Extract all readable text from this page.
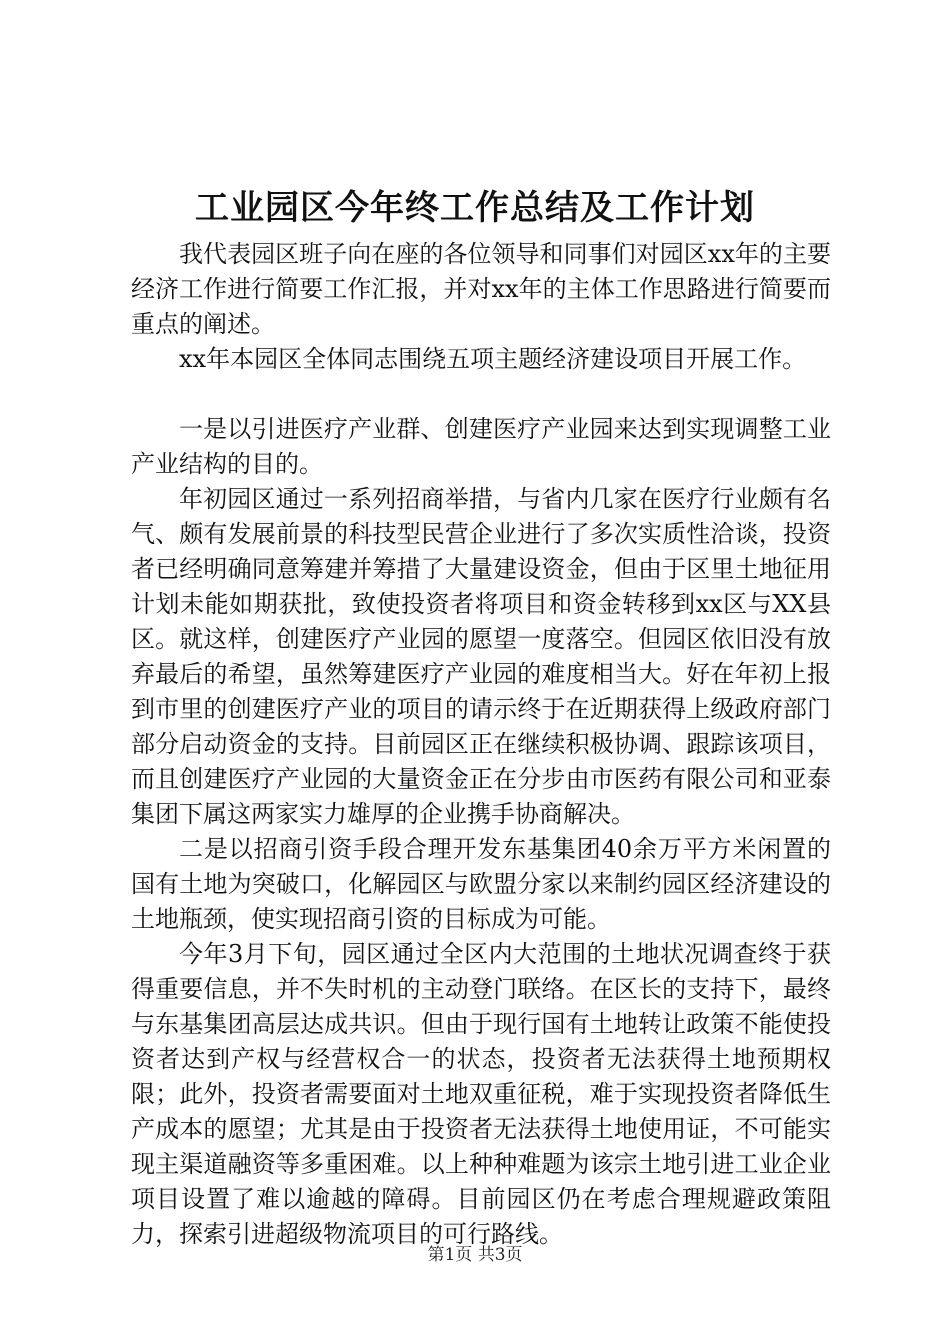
工业园区今年终工作总结及工作计划

我代表园区班子向在座的各位领导和同事们对园区xx年的主要经济工作进行简要工作汇报，并对xx年的主体工作思路进行简要而重点的阐述。

xx年本园区全体同志围绕五项主题经济建设项目开展工作。

一是以引进医疗产业群、创建医疗产业园来达到实现调整工业产业结构的目的。

年初园区通过一系列招商举措，与省内几家在医疗行业颇有名气、颇有发展前景的科技型民营企业进行了多次实质性洽谈，投资者已经明确同意筹建并筹措了大量建设资金，但由于区里土地征用计划未能如期获批，致使投资者将项目和资金转移到xx区与XX县区。就这样，创建医疗产业园的愿望一度落空。但园区依旧没有放弃最后的希望，虽然筹建医疗产业园的难度相当大。好在年初上报到市里的创建医疗产业的项目的请示终于在近期获得上级政府部门部分启动资金的支持。目前园区正在继续积极协调、跟踪该项目，而且创建医疗产业园的大量资金正在分步由市医药有限公司和亚泰集团下属这两家实力雄厚的企业携手协商解决。

二是以招商引资手段合理开发东基集团40余万平方米闲置的国有土地为突破口，化解园区与欧盟分家以来制约园区经济建设的土地瓶颈，使实现招商引资的目标成为可能。

今年3月下旬，园区通过全区内大范围的土地状况调查终于获得重要信息，并不失时机的主动登门联络。在区长的支持下，最终与东基集团高层达成共识。但由于现行国有土地转让政策不能使投资者达到产权与经营权合一的状态，投资者无法获得土地预期权限；此外，投资者需要面对土地双重征税，难于实现投资者降低生产成本的愿望；尤其是由于投资者无法获得土地使用证，不可能实现主渠道融资等多重困难。以上种种难题为该宗土地引进工业企业项目设置了难以逾越的障碍。目前园区仍在考虑合理规避政策阻力，探索引进超级物流项目的可行路线。

第1页 共3页
